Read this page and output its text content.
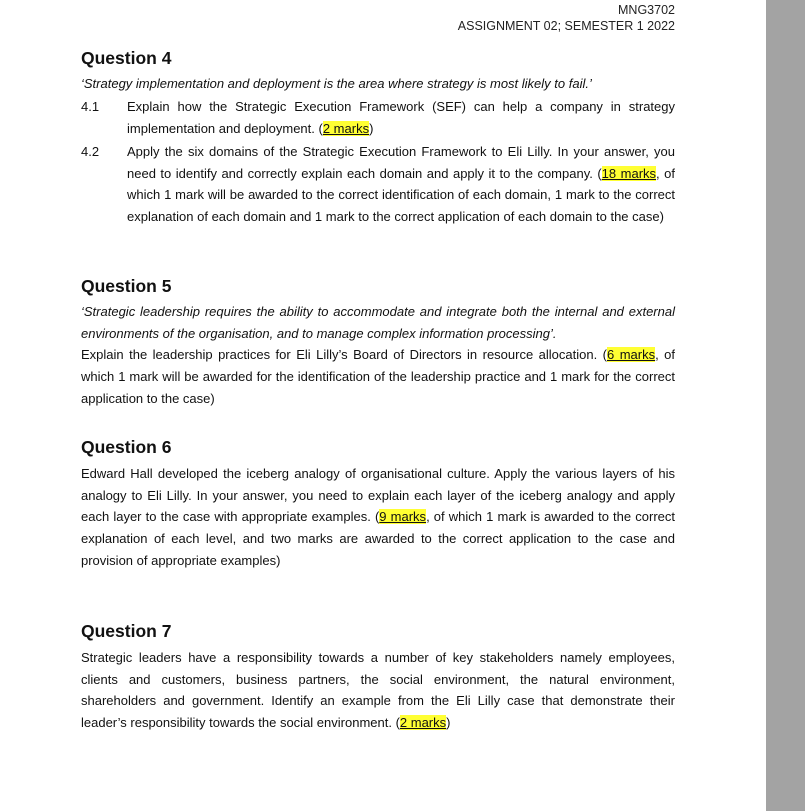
MNG3702
ASSIGNMENT 02; SEMESTER 1 2022
Question 4
‘Strategy implementation and deployment is the area where strategy is most likely to fail.’
4.1 Explain how the Strategic Execution Framework (SEF) can help a company in strategy implementation and deployment. (2 marks)
4.2 Apply the six domains of the Strategic Execution Framework to Eli Lilly. In your answer, you need to identify and correctly explain each domain and apply it to the company. (18 marks, of which 1 mark will be awarded to the correct identification of each domain, 1 mark to the correct explanation of each domain and 1 mark to the correct application of each domain to the case)
Question 5
‘Strategic leadership requires the ability to accommodate and integrate both the internal and external environments of the organisation, and to manage complex information processing’.
Explain the leadership practices for Eli Lilly’s Board of Directors in resource allocation. (6 marks, of which 1 mark will be awarded for the identification of the leadership practice and 1 mark for the correct application to the case)
Question 6
Edward Hall developed the iceberg analogy of organisational culture. Apply the various layers of his analogy to Eli Lilly. In your answer, you need to explain each layer of the iceberg analogy and apply each layer to the case with appropriate examples. (9 marks, of which 1 mark is awarded to the correct explanation of each level, and two marks are awarded to the correct application to the case and provision of appropriate examples)
Question 7
Strategic leaders have a responsibility towards a number of key stakeholders namely employees, clients and customers, business partners, the social environment, the natural environment, shareholders and government. Identify an example from the Eli Lilly case that demonstrate their leader’s responsibility towards the social environment. (2 marks)
